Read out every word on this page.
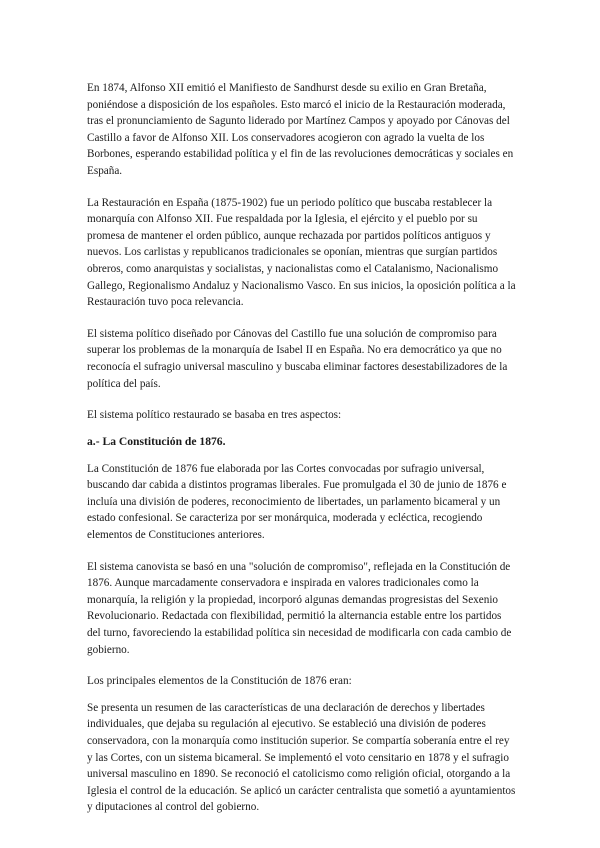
En 1874, Alfonso XII emitió el Manifiesto de Sandhurst desde su exilio en Gran Bretaña, poniéndose a disposición de los españoles. Esto marcó el inicio de la Restauración moderada, tras el pronunciamiento de Sagunto liderado por Martínez Campos y apoyado por Cánovas del Castillo a favor de Alfonso XII. Los conservadores acogieron con agrado la vuelta de los Borbones, esperando estabilidad política y el fin de las revoluciones democráticas y sociales en España.

La Restauración en España (1875-1902) fue un periodo político que buscaba restablecer la monarquía con Alfonso XII. Fue respaldada por la Iglesia, el ejército y el pueblo por su promesa de mantener el orden público, aunque rechazada por partidos políticos antiguos y nuevos. Los carlistas y republicanos tradicionales se oponían, mientras que surgían partidos obreros, como anarquistas y socialistas, y nacionalistas como el Catalanismo, Nacionalismo Gallego, Regionalismo Andaluz y Nacionalismo Vasco. En sus inicios, la oposición política a la Restauración tuvo poca relevancia.

El sistema político diseñado por Cánovas del Castillo fue una solución de compromiso para superar los problemas de la monarquía de Isabel II en España. No era democrático ya que no reconocía el sufragio universal masculino y buscaba eliminar factores desestabilizadores de la política del país.

El sistema político restaurado se basaba en tres aspectos:

a.- La Constitución de 1876.

La Constitución de 1876 fue elaborada por las Cortes convocadas por sufragio universal, buscando dar cabida a distintos programas liberales. Fue promulgada el 30 de junio de 1876 e incluía una división de poderes, reconocimiento de libertades, un parlamento bicameral y un estado confesional. Se caracteriza por ser monárquica, moderada y ecléctica, recogiendo elementos de Constituciones anteriores.

El sistema canovista se basó en una "solución de compromiso", reflejada en la Constitución de 1876. Aunque marcadamente conservadora e inspirada en valores tradicionales como la monarquía, la religión y la propiedad, incorporó algunas demandas progresistas del Sexenio Revolucionario. Redactada con flexibilidad, permitió la alternancia estable entre los partidos del turno, favoreciendo la estabilidad política sin necesidad de modificarla con cada cambio de gobierno.

Los principales elementos de la Constitución de 1876 eran:

Se presenta un resumen de las características de una declaración de derechos y libertades individuales, que dejaba su regulación al ejecutivo. Se estableció una división de poderes conservadora, con la monarquía como institución superior. Se compartía soberanía entre el rey y las Cortes, con un sistema bicameral. Se implementó el voto censitario en 1878 y el sufragio universal masculino en 1890. Se reconoció el catolicismo como religión oficial, otorgando a la Iglesia el control de la educación. Se aplicó un carácter centralista que sometió a ayuntamientos y diputaciones al control del gobierno.
